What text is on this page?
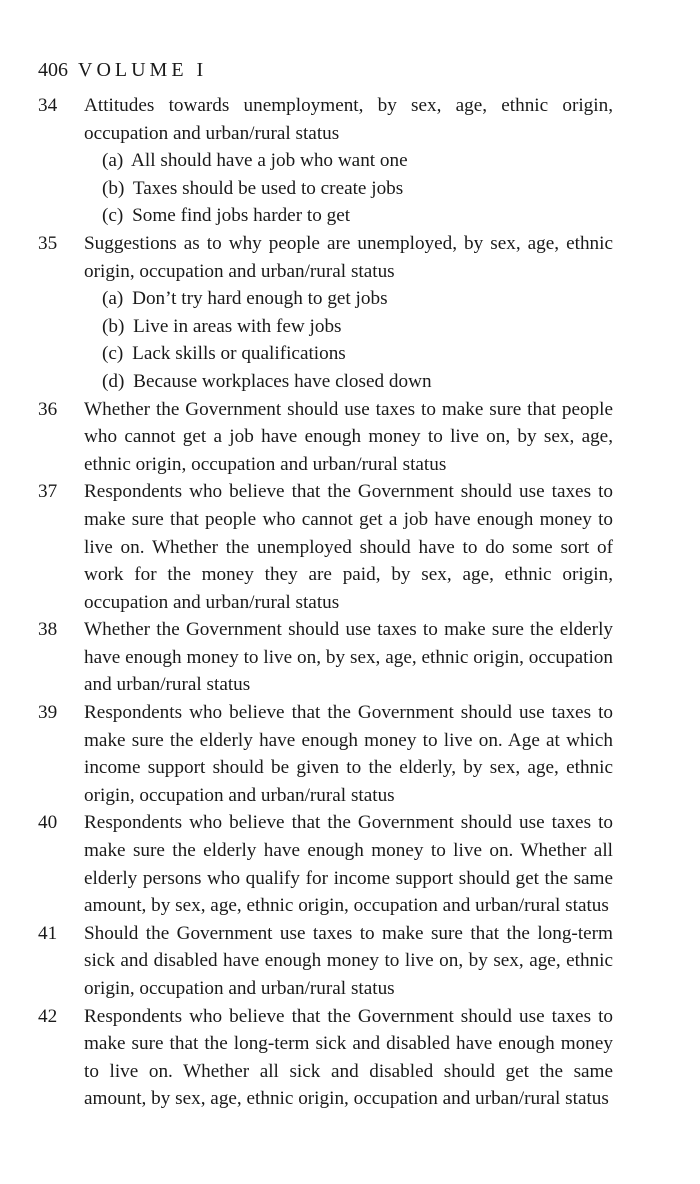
406 VOLUME I
34	Attitudes towards unemployment, by sex, age, ethnic origin, occupation and urban/rural status
(a) All should have a job who want one
(b) Taxes should be used to create jobs
(c) Some find jobs harder to get
35	Suggestions as to why people are unemployed, by sex, age, ethnic origin, occupation and urban/rural status
(a) Don’t try hard enough to get jobs
(b) Live in areas with few jobs
(c) Lack skills or qualifications
(d) Because workplaces have closed down
36	Whether the Government should use taxes to make sure that people who cannot get a job have enough money to live on, by sex, age, ethnic origin, occupation and urban/rural status
37	Respondents who believe that the Government should use taxes to make sure that people who cannot get a job have enough money to live on. Whether the unemployed should have to do some sort of work for the money they are paid, by sex, age, ethnic origin, occupation and urban/rural status
38	Whether the Government should use taxes to make sure the elderly have enough money to live on, by sex, age, ethnic origin, occupation and urban/rural status
39	Respondents who believe that the Government should use taxes to make sure the elderly have enough money to live on. Age at which income support should be given to the elderly, by sex, age, ethnic origin, occupation and urban/rural status
40	Respondents who believe that the Government should use taxes to make sure the elderly have enough money to live on. Whether all elderly persons who qualify for income support should get the same amount, by sex, age, ethnic origin, occupation and urban/rural status
41	Should the Government use taxes to make sure that the long-term sick and disabled have enough money to live on, by sex, age, ethnic origin, occupation and urban/rural status
42	Respondents who believe that the Government should use taxes to make sure that the long-term sick and disabled have enough money to live on. Whether all sick and disabled should get the same amount, by sex, age, ethnic origin, occupation and urban/rural status
